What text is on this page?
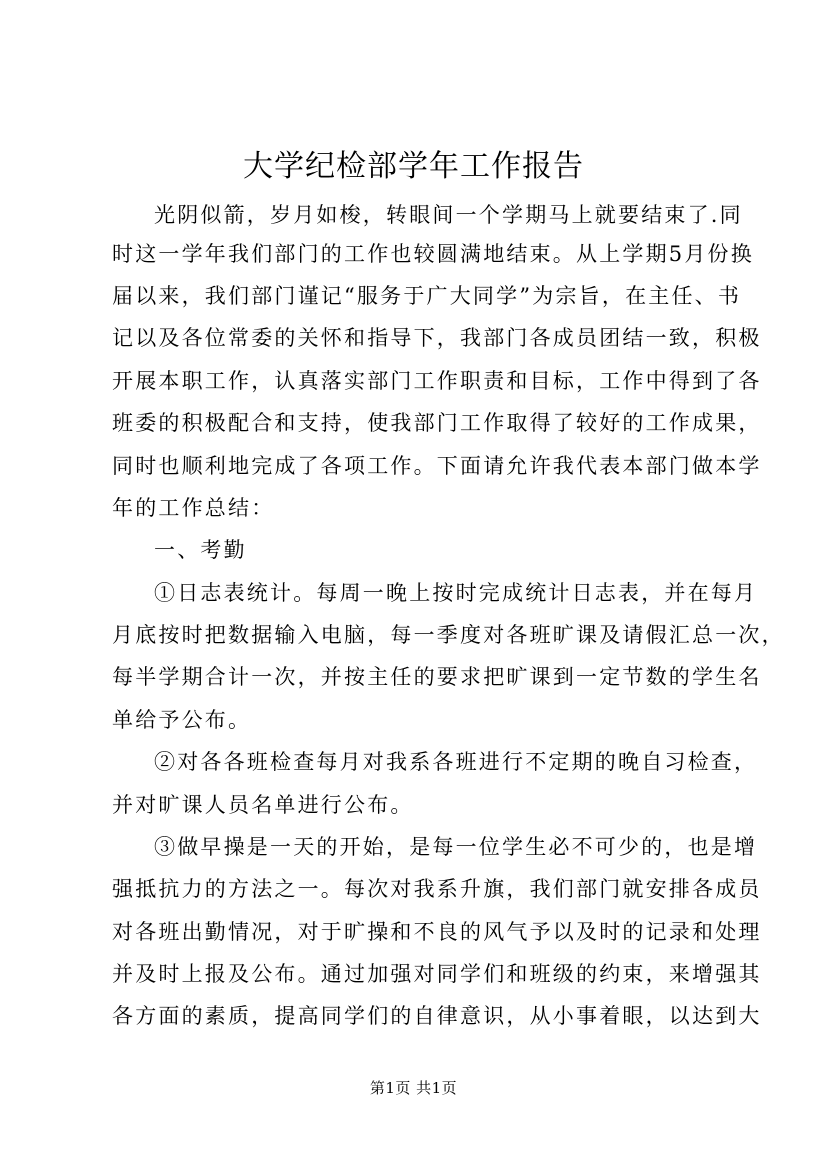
大学纪检部学年工作报告
光阴似箭，岁月如梭，转眼间一个学期马上就要结束了.同
时这一学年我们部门的工作也较圆满地结束。从上学期5月份换
届以来，我们部门谨记“服务于广大同学”为宗旨，在主任、书
记以及各位常委的关怀和指导下，我部门各成员团结一致，积极
开展本职工作，认真落实部门工作职责和目标，工作中得到了各
班委的积极配合和支持，使我部门工作取得了较好的工作成果，
同时也顺利地完成了各项工作。下面请允许我代表本部门做本学
年的工作总结：
一、考勤
①日志表统计。每周一晚上按时完成统计日志表，并在每月
月底按时把数据输入电脑，每一季度对各班旷课及请假汇总一次，
每半学期合计一次，并按主任的要求把旷课到一定节数的学生名
单给予公布。
②对各各班检查每月对我系各班进行不定期的晚自习检查，
并对旷课人员名单进行公布。
③做早操是一天的开始，是每一位学生必不可少的，也是增
强抵抗力的方法之一。每次对我系升旗，我们部门就安排各成员
对各班出勤情况，对于旷操和不良的风气予以及时的记录和处理
并及时上报及公布。通过加强对同学们和班级的约束，来增强其
各方面的素质，提高同学们的自律意识，从小事着眼，以达到大
第1页 共1页
